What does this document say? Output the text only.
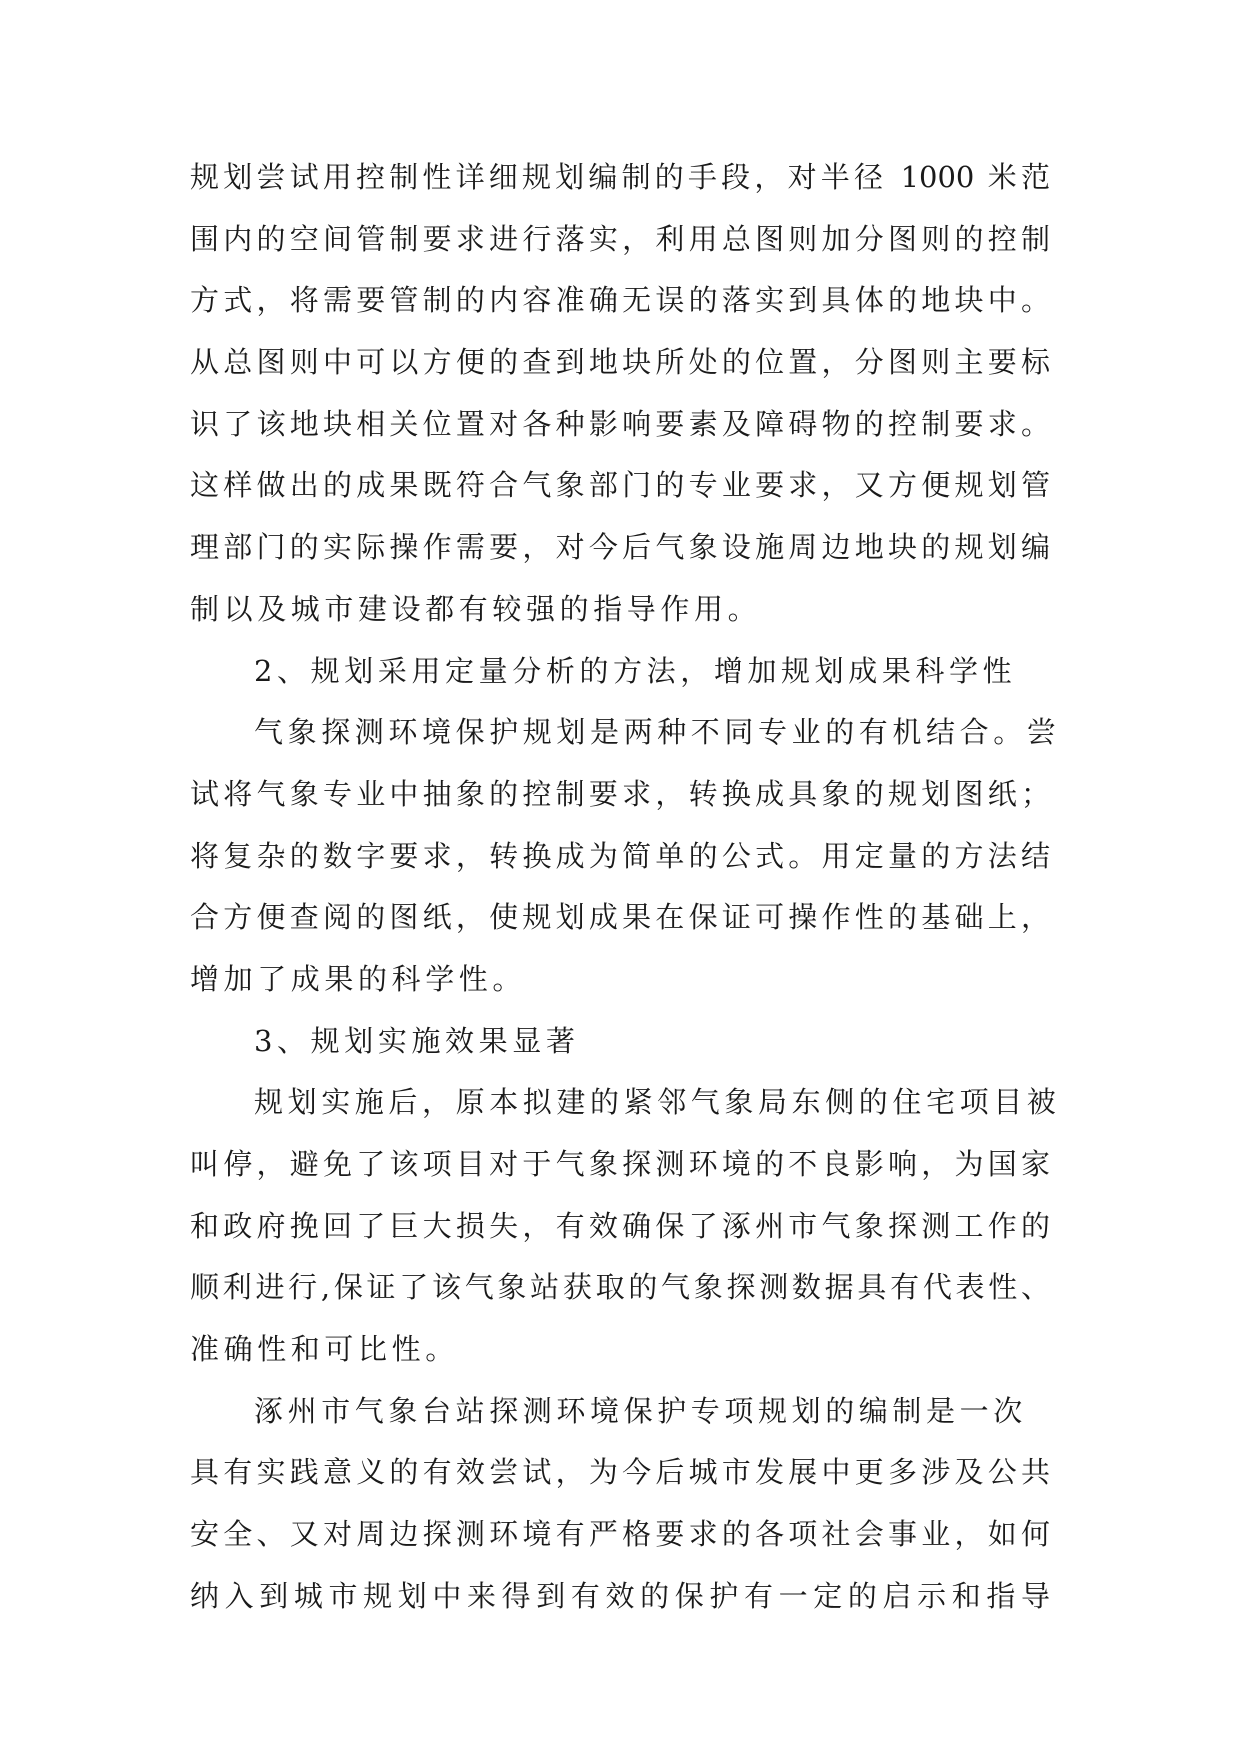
规划尝试用控制性详细规划编制的手段，对半径 1000 米范
围内的空间管制要求进行落实，利用总图则加分图则的控制
方式，将需要管制的内容准确无误的落实到具体的地块中。
从总图则中可以方便的查到地块所处的位置，分图则主要标
识了该地块相关位置对各种影响要素及障碍物的控制要求。
这样做出的成果既符合气象部门的专业要求，又方便规划管
理部门的实际操作需要，对今后气象设施周边地块的规划编
制以及城市建设都有较强的指导作用。
2、规划采用定量分析的方法，增加规划成果科学性
气象探测环境保护规划是两种不同专业的有机结合。尝
试将气象专业中抽象的控制要求，转换成具象的规划图纸；
将复杂的数字要求，转换成为简单的公式。用定量的方法结
合方便查阅的图纸，使规划成果在保证可操作性的基础上，
增加了成果的科学性。
3、规划实施效果显著
规划实施后，原本拟建的紧邻气象局东侧的住宅项目被
叫停，避免了该项目对于气象探测环境的不良影响，为国家
和政府挽回了巨大损失，有效确保了涿州市气象探测工作的
顺利进行,保证了该气象站获取的气象探测数据具有代表性、
准确性和可比性。
涿州市气象台站探测环境保护专项规划的编制是一次
具有实践意义的有效尝试，为今后城市发展中更多涉及公共
安全、又对周边探测环境有严格要求的各项社会事业，如何
纳入到城市规划中来得到有效的保护有一定的启示和指导
